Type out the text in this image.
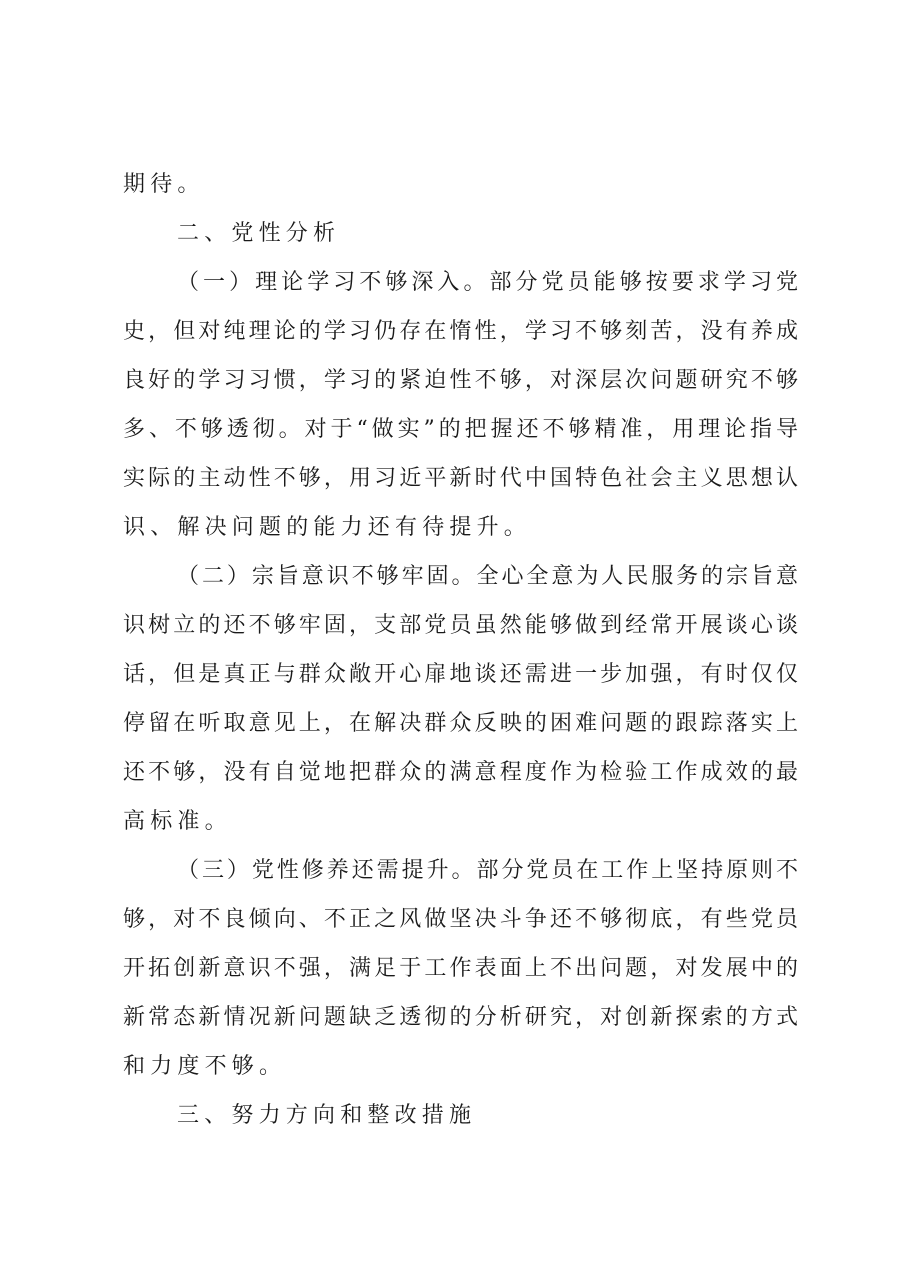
期待。

二、党性分析

（一）理论学习不够深入。部分党员能够按要求学习党

史，但对纯理论的学习仍存在惰性，学习不够刻苦，没有养成

良好的学习习惯，学习的紧迫性不够，对深层次问题研究不够

多、不够透彻。对于“做实”的把握还不够精准，用理论指导

实际的主动性不够，用习近平新时代中国特色社会主义思想认

识、解决问题的能力还有待提升。

（二）宗旨意识不够牢固。全心全意为人民服务的宗旨意

识树立的还不够牢固，支部党员虽然能够做到经常开展谈心谈

话，但是真正与群众敞开心扉地谈还需进一步加强，有时仅仅

停留在听取意见上，在解决群众反映的困难问题的跟踪落实上

还不够，没有自觉地把群众的满意程度作为检验工作成效的最

高标准。

（三）党性修养还需提升。部分党员在工作上坚持原则不

够，对不良倾向、不正之风做坚决斗争还不够彻底，有些党员

开拓创新意识不强，满足于工作表面上不出问题，对发展中的

新常态新情况新问题缺乏透彻的分析研究，对创新探索的方式

和力度不够。

三、努力方向和整改措施
